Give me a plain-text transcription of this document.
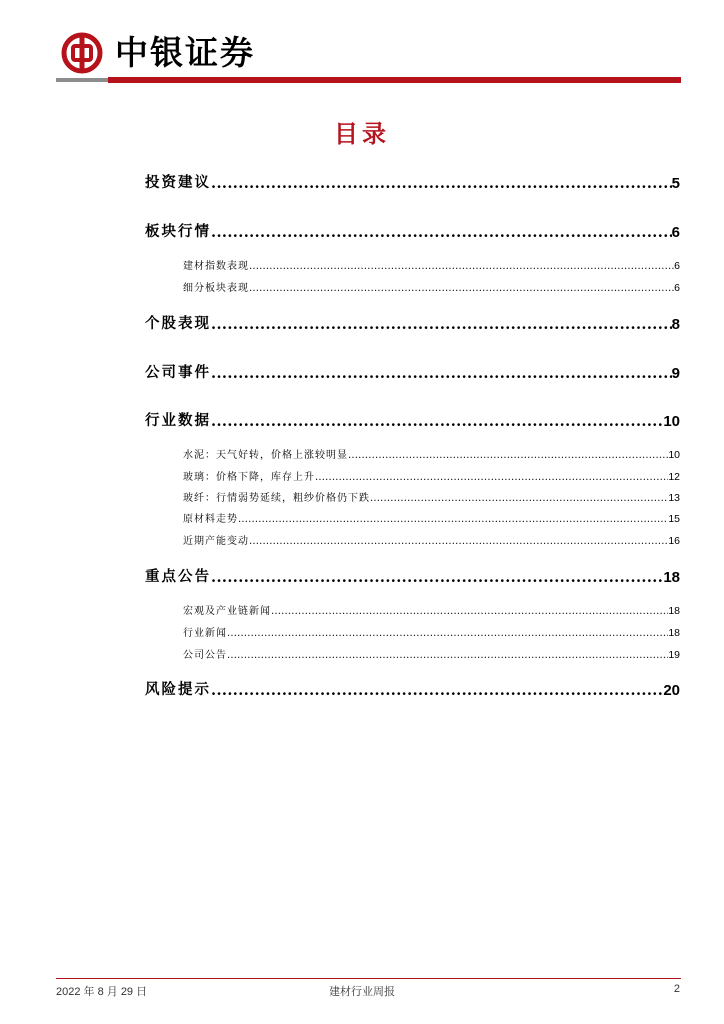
中银证券
目录
投资建议 .....	5
板块行情 .....	6
建材指数表现 .....	6
细分板块表现 .....	6
个股表现 .....	8
公司事件 .....	9
行业数据 .....	10
水泥：天气好转，价格上涨较明显 .....	10
玻璃：价格下降，库存上升 .....	12
玻纤：行情弱势延续，粗纱价格仍下跌 .....	13
原材料走势 .....	15
近期产能变动 .....	16
重点公告 .....	18
宏观及产业链新闻 .....	18
行业新闻 .....	18
公司公告 .....	19
风险提示 .....	20
2022 年 8 月 29 日	建材行业周报	2
